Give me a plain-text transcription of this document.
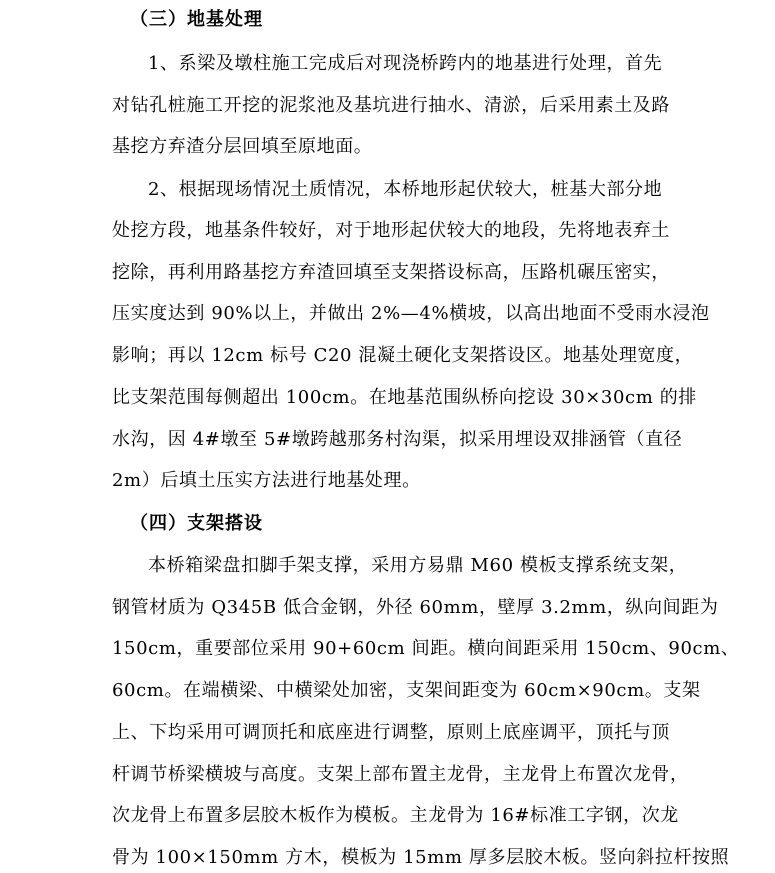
（三）地基处理
1、系梁及墩柱施工完成后对现浇桥跨内的地基进行处理，首先
对钻孔桩施工开挖的泥浆池及基坑进行抽水、清淤，后采用素土及路
基挖方弃渣分层回填至原地面。
2、根据现场情况土质情况，本桥地形起伏较大，桩基大部分地
处挖方段，地基条件较好，对于地形起伏较大的地段，先将地表弃土
挖除，再利用路基挖方弃渣回填至支架搭设标高，压路机碾压密实，
压实度达到 90%以上，并做出 2%—4%横坡，以高出地面不受雨水浸泡
影响；再以 12cm 标号 C20 混凝土硬化支架搭设区。地基处理宽度，
比支架范围每侧超出 100cm。在地基范围纵桥向挖设 30×30cm 的排
水沟，因 4#墩至 5#墩跨越那务村沟渠，拟采用埋设双排涵管（直径
2m）后填土压实方法进行地基处理。
（四）支架搭设
本桥箱梁盘扣脚手架支撑，采用方易鼎 M60 模板支撑系统支架，
钢管材质为 Q345B 低合金钢，外径 60mm，壁厚 3.2mm，纵向间距为
150cm，重要部位采用 90+60cm 间距。横向间距采用 150cm、90cm、
60cm。在端横梁、中横梁处加密，支架间距变为 60cm×90cm。支架
上、下均采用可调顶托和底座进行调整，原则上底座调平，顶托与顶
杆调节桥梁横坡与高度。支架上部布置主龙骨，主龙骨上布置次龙骨，
次龙骨上布置多层胶木板作为模板。主龙骨为 16#标准工字钢，次龙
骨为 100×150mm 方木，模板为 15mm 厚多层胶木板。竖向斜拉杆按照
